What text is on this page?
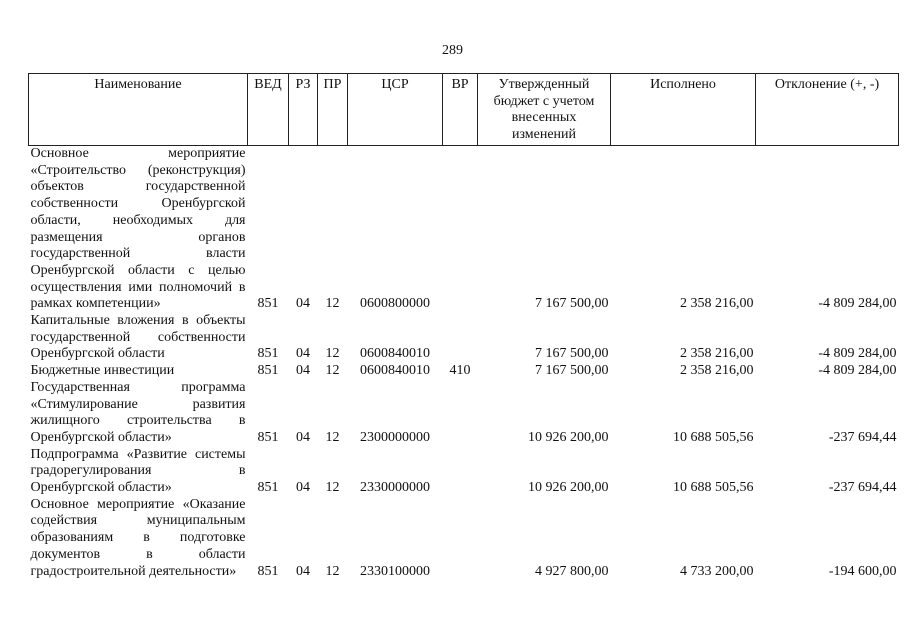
289
Наименование	ВЕД	РЗ	ПР	ЦСР	ВР	Утвержденный бюджет с учетом внесенных изменений	Исполнено	Отклонение (+, -)
Основное мероприятие «Строительство (реконструкция) объектов государственной собственности Оренбургской области, необходимых для размещения органов государственной власти Оренбургской области с целью осуществления ими полномочий в рамках компетенции»	851	04	12	0600800000		7 167 500,00	2 358 216,00	-4 809 284,00
Капитальные вложения в объекты государственной собственности Оренбургской области	851	04	12	0600840010		7 167 500,00	2 358 216,00	-4 809 284,00
Бюджетные инвестиции	851	04	12	0600840010	410	7 167 500,00	2 358 216,00	-4 809 284,00
Государственная программа «Стимулирование развития жилищного строительства в Оренбургской области»	851	04	12	2300000000		10 926 200,00	10 688 505,56	-237 694,44
Подпрограмма «Развитие системы градорегулирования в Оренбургской области»	851	04	12	2330000000		10 926 200,00	10 688 505,56	-237 694,44
Основное мероприятие «Оказание содействия муниципальным образованиям в подготовке документов в области градостроительной деятельности»	851	04	12	2330100000		4 927 800,00	4 733 200,00	-194 600,00
